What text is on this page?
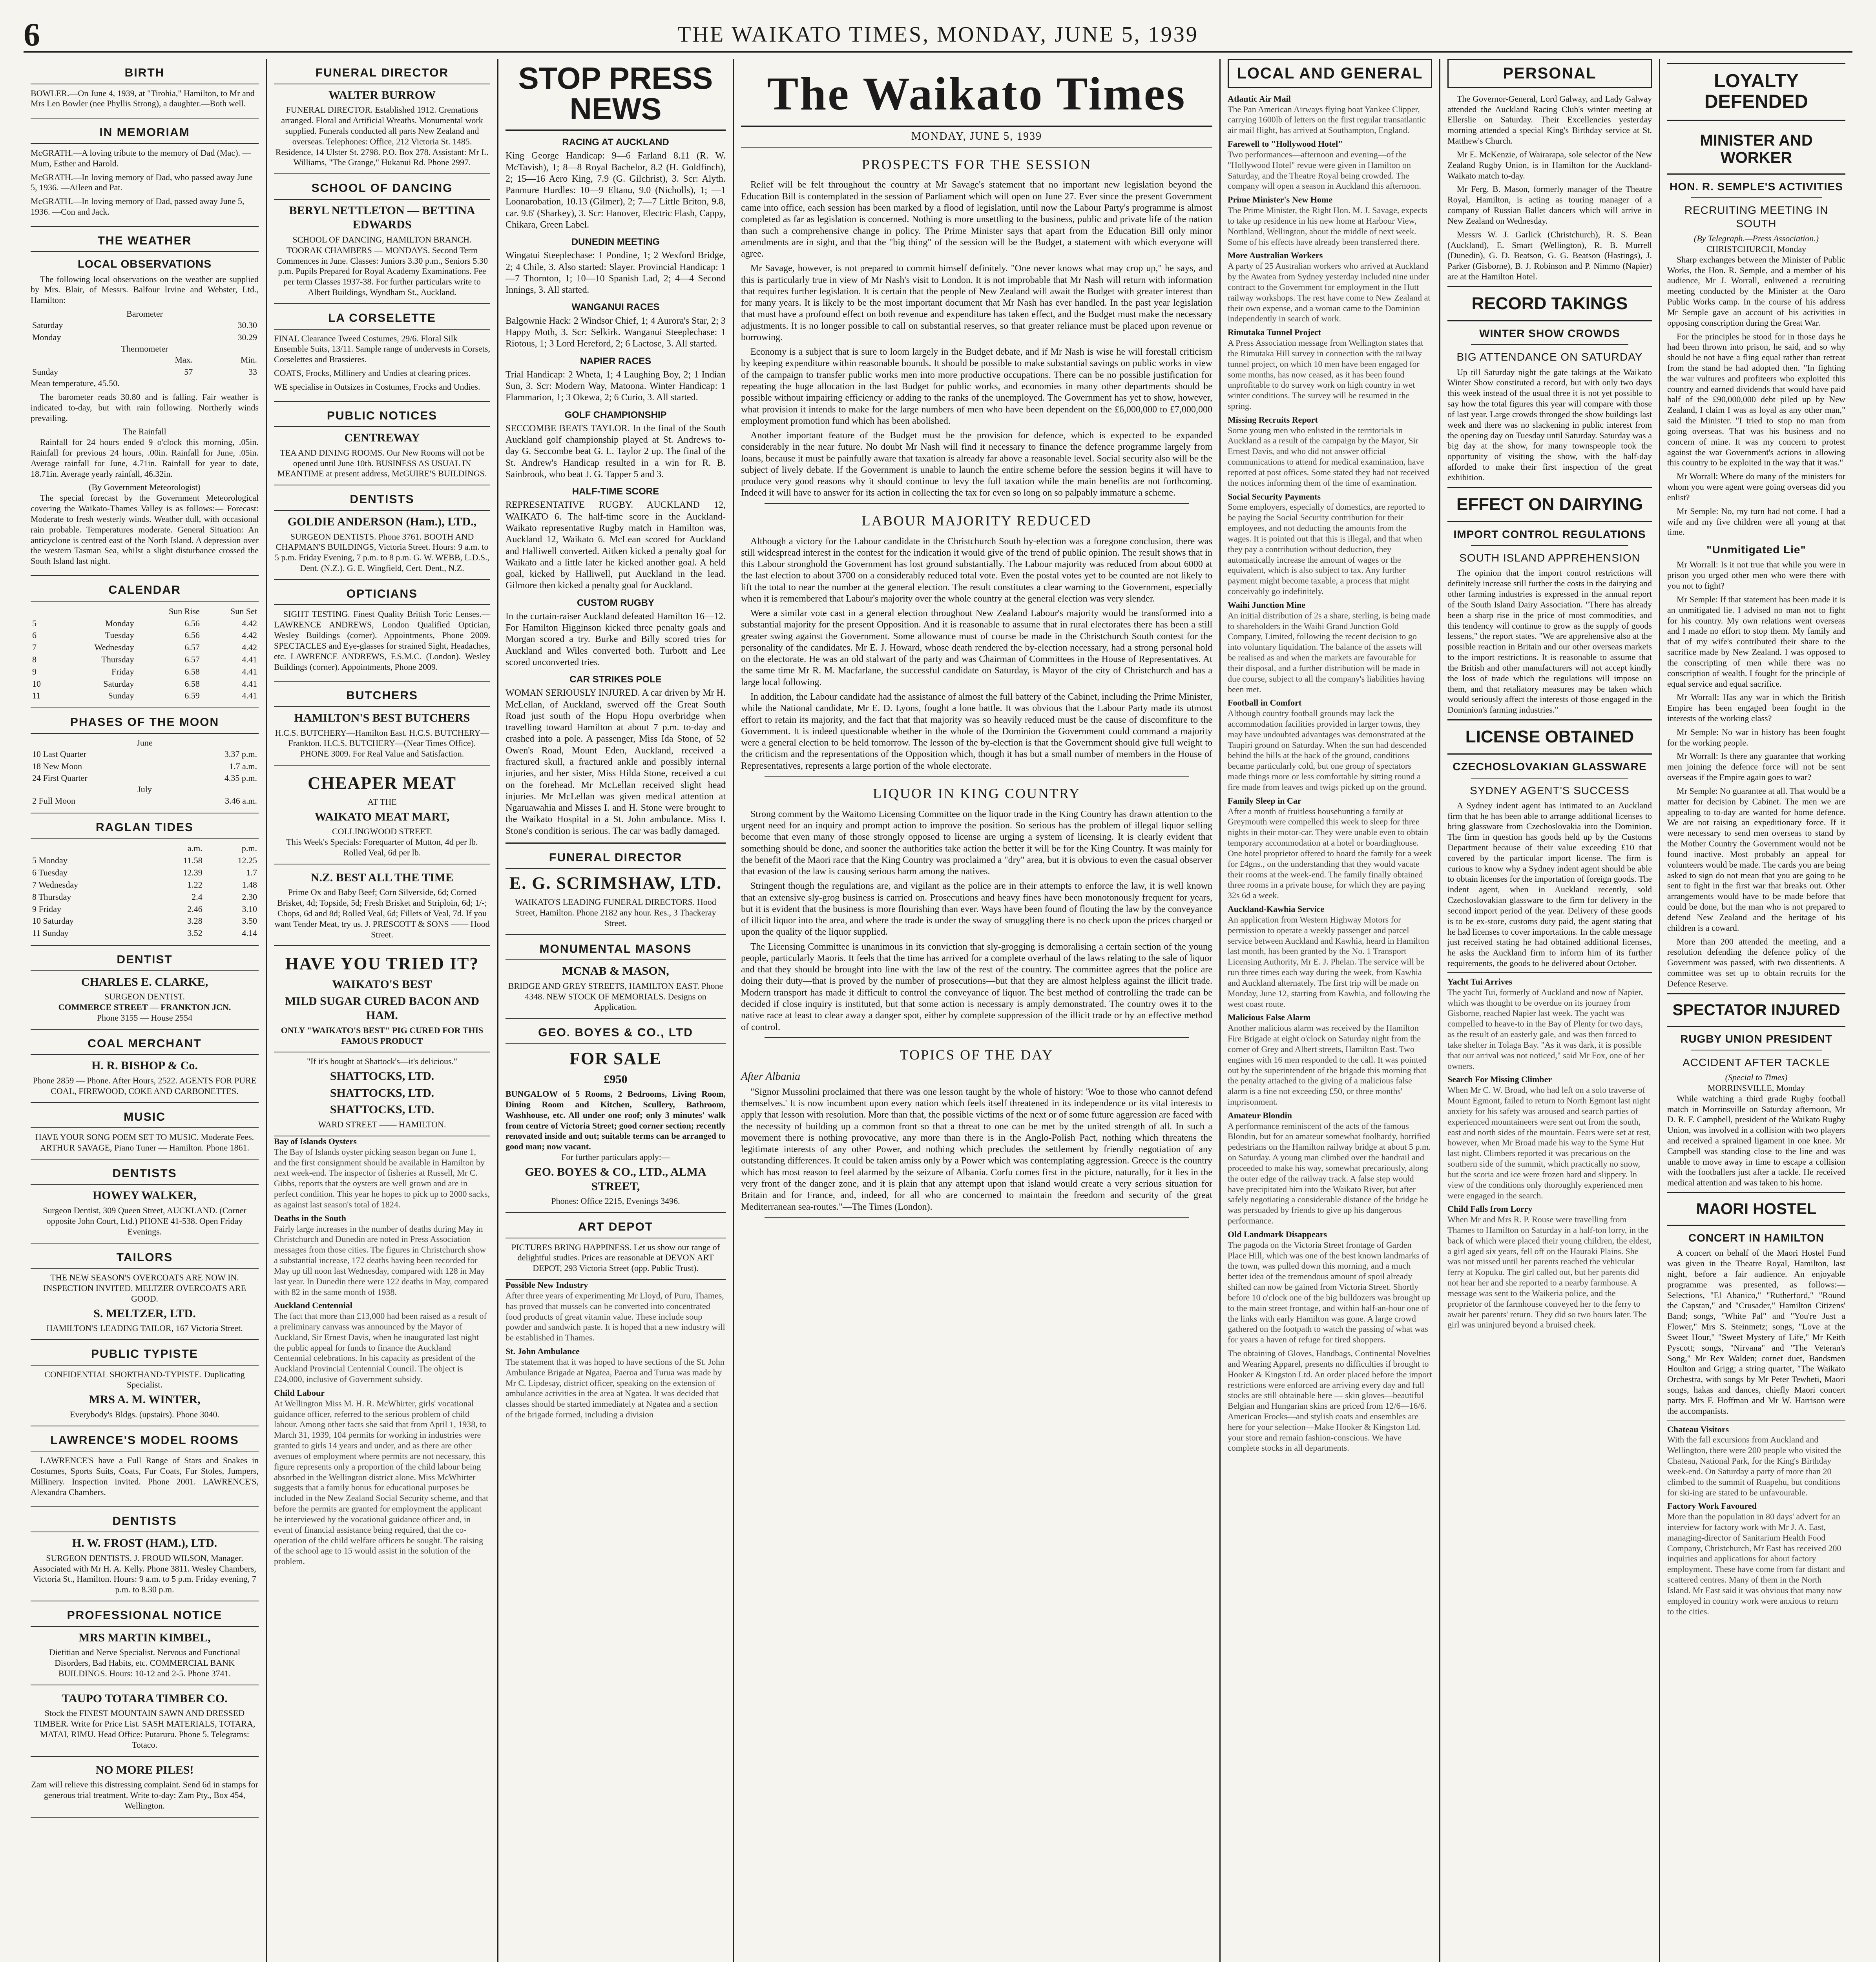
6	THE WAIKATO TIMES, MONDAY, JUNE 5, 1939
BIRTH
BOWLER.—On June 4, 1939, at "Tirohia," Hamilton, to Mr and Mrs Len Bowler (nee Phyllis Strong), a daughter.—Both well.
IN MEMORIAM
McGRATH.—A loving tribute to the memory of Dad (Mac). —Mum, Esther and Harold.
McGRATH.—In loving memory of Dad, who passed away June 5, 1936. —Aileen and Pat.
McGRATH.—In loving memory of Dad, passed away June 5, 1936. —Con and Jack.
THE WEATHER
LOCAL OBSERVATIONS
The following local observations on the weather are supplied by Mrs. Blair, of Messrs. Balfour Irvine and Webster, Ltd., Hamilton:
Barometer
Saturday	30.30
Monday	30.29
Thermometer
	Max.	Min.
Sunday	57	33
Mean temperature, 45.50.
The barometer reads 30.80 and is falling. Fair weather is indicated to-day, but with rain following. Northerly winds prevailing.
The Rainfall
Rainfall for 24 hours ended 9 o'clock this morning, .05in. Rainfall for previous 24 hours, .00in. Rainfall for June, .05in. Average rainfall for June, 4.71in. Rainfall for year to date, 18.71in. Average yearly rainfall, 46.32in.
(By Government Meteorologist)
The special forecast by the Government Meteorological covering the Waikato-Thames Valley is as follows:— Forecast: Moderate to fresh westerly winds. Weather dull, with occasional rain probable. Temperatures moderate. General Situation: An anticyclone is centred east of the North Island. A depression over the western Tasman Sea, whilst a slight disturbance crossed the South Island last night.
CALENDAR
		Sun Rise	Sun Set
5	Monday	6.56	4.42
6	Tuesday	6.56	4.42
7	Wednesday	6.57	4.42
8	Thursday	6.57	4.41
9	Friday	6.58	4.41
10	Saturday	6.58	4.41
11	Sunday	6.59	4.41
PHASES OF THE MOON
June
10 Last Quarter	3.37 p.m.
18 New Moon	1.7 a.m.
24 First Quarter	4.35 p.m.
July
2 Full Moon	3.46 a.m.
RAGLAN TIDES
	a.m.	p.m.
5 Monday	11.58	12.25
6 Tuesday	12.39	1.7
7 Wednesday	1.22	1.48
8 Thursday	2.4	2.30
9 Friday	2.46	3.10
10 Saturday	3.28	3.50
11 Sunday	3.52	4.14
DENTIST
CHARLES E. CLARKE,
SURGEON DENTIST.
COMMERCE STREET — FRANKTON JCN.
Phone 3155 — House 2554
COAL MERCHANT
H. R. BISHOP & Co.
Phone 2859 — Phone. After Hours, 2522. AGENTS FOR PURE COAL, FIREWOOD, COKE AND CARBONETTES.
MUSIC
HAVE YOUR SONG POEM SET TO MUSIC. Moderate Fees. ARTHUR SAVAGE, Piano Tuner — Hamilton. Phone 1861.
DENTISTS
HOWEY WALKER,
Surgeon Dentist, 309 Queen Street, AUCKLAND. (Corner opposite John Court, Ltd.) PHONE 41-538. Open Friday Evenings.
TAILORS
THE NEW SEASON'S OVERCOATS ARE NOW IN. INSPECTION INVITED. MELTZER OVERCOATS ARE GOOD.
S. MELTZER, LTD.
HAMILTON'S LEADING TAILOR, 167 Victoria Street.
PUBLIC TYPISTE
CONFIDENTIAL SHORTHAND-TYPISTE. Duplicating Specialist.
MRS A. M. WINTER,
Everybody's Bldgs. (upstairs). Phone 3040.
LAWRENCE'S MODEL ROOMS
LAWRENCE'S have a Full Range of Stars and Snakes in Costumes, Sports Suits, Coats, Fur Coats, Fur Stoles, Jumpers, Millinery. Inspection invited. Phone 2001. LAWRENCE'S, Alexandra Chambers.
DENTISTS
H. W. FROST (HAM.), LTD.
SURGEON DENTISTS. J. FROUD WILSON, Manager. Associated with Mr H. A. Kelly. Phone 3811. Wesley Chambers, Victoria St., Hamilton. Hours: 9 a.m. to 5 p.m. Friday evening, 7 p.m. to 8.30 p.m.
PROFESSIONAL NOTICE
MRS MARTIN KIMBEL,
Dietitian and Nerve Specialist. Nervous and Functional Disorders, Bad Habits, etc. COMMERCIAL BANK BUILDINGS. Hours: 10-12 and 2-5. Phone 3741.
TAUPO TOTARA TIMBER CO.
Stock the FINEST MOUNTAIN SAWN AND DRESSED TIMBER. Write for Price List. SASH MATERIALS, TOTARA, MATAI, RIMU. Head Office: Putaruru. Phone 5. Telegrams: Totaco.
NO MORE PILES!
Zam will relieve this distressing complaint. Send 6d in stamps for generous trial treatment. Write to-day: Zam Pty., Box 454, Wellington.
FUNERAL DIRECTOR
WALTER BURROW
FUNERAL DIRECTOR. Established 1912. Cremations arranged. Floral and Artificial Wreaths. Monumental work supplied. Funerals conducted all parts New Zealand and overseas. Telephones: Office, 212 Victoria St. 1485. Residence, 14 Ulster St. 2798. P.O. Box 278. Assistant: Mr L. Williams, "The Grange," Hukanui Rd. Phone 2997.
SCHOOL OF DANCING
BERYL NETTLETON — BETTINA EDWARDS
SCHOOL OF DANCING, HAMILTON BRANCH. TOORAK CHAMBERS — MONDAYS. Second Term Commences in June. Classes: Juniors 3.30 p.m., Seniors 5.30 p.m. Pupils Prepared for Royal Academy Examinations. Fee per term Classes 1937-38. For further particulars write to Albert Buildings, Wyndham St., Auckland.
LA CORSELETTE
FINAL Clearance Tweed Costumes, 29/6. Floral Silk Ensemble Suits, 13/11. Sample range of undervests in Corsets, Corselettes and Brassieres.
COATS, Frocks, Millinery and Undies at clearing prices.
WE specialise in Outsizes in Costumes, Frocks and Undies.
PUBLIC NOTICES
CENTREWAY
TEA AND DINING ROOMS. Our New Rooms will not be opened until June 10th. BUSINESS AS USUAL IN MEANTIME at present address, McGUIRE'S BUILDINGS.
DENTISTS
GOLDIE ANDERSON (Ham.), LTD.,
SURGEON DENTISTS. Phone 3761. BOOTH AND CHAPMAN'S BUILDINGS, Victoria Street. Hours: 9 a.m. to 5 p.m. Friday Evening, 7 p.m. to 8 p.m. G. W. WEBB, L.D.S., Dent. (N.Z.). G. E. Wingfield, Cert. Dent., N.Z.
OPTICIANS
SIGHT TESTING. Finest Quality British Toric Lenses.—LAWRENCE ANDREWS, London Qualified Optician, Wesley Buildings (corner). Appointments, Phone 2009. SPECTACLES and Eye-glasses for strained Sight, Headaches, etc. LAWRENCE ANDREWS, F.S.M.C. (London). Wesley Buildings (corner). Appointments, Phone 2009.
BUTCHERS
HAMILTON'S BEST BUTCHERS
H.C.S. BUTCHERY—Hamilton East. H.C.S. BUTCHERY—Frankton. H.C.S. BUTCHERY—(Near Times Office). PHONE 3009. For Real Value and Satisfaction.
CHEAPER MEAT
AT THE
WAIKATO MEAT MART,
COLLINGWOOD STREET.
This Week's Specials: Forequarter of Mutton, 4d per lb. Rolled Veal, 6d per lb.
N.Z. BEST ALL THE TIME
Prime Ox and Baby Beef; Corn Silverside, 6d; Corned Brisket, 4d; Topside, 5d; Fresh Brisket and Striploin, 6d; 1/-; Chops, 6d and 8d; Rolled Veal, 6d; Fillets of Veal, 7d. If you want Tender Meat, try us. J. PRESCOTT & SONS —— Hood Street.
HAVE YOU TRIED IT?
WAIKATO'S BEST
MILD SUGAR CURED BACON AND HAM.
ONLY "WAIKATO'S BEST" PIG CURED FOR THIS FAMOUS PRODUCT
"If it's bought at Shattock's—it's delicious."
SHATTOCKS, LTD.
SHATTOCKS, LTD.
SHATTOCKS, LTD.
WARD STREET —— HAMILTON.
Bay of Islands Oysters
The Bay of Islands oyster picking season began on June 1, and the first consignment should be available in Hamilton by next week-end. The inspector of fisheries at Russell, Mr C. Gibbs, reports that the oysters are well grown and are in perfect condition. This year he hopes to pick up to 2000 sacks, as against last season's total of 1824.
Deaths in the South
Fairly large increases in the number of deaths during May in Christchurch and Dunedin are noted in Press Association messages from those cities. The figures in Christchurch show a substantial increase, 172 deaths having been recorded for May up till noon last Wednesday, compared with 128 in May last year. In Dunedin there were 122 deaths in May, compared with 82 in the same month of 1938.
Auckland Centennial
The fact that more than £13,000 had been raised as a result of a preliminary canvass was announced by the Mayor of Auckland, Sir Ernest Davis, when he inaugurated last night the public appeal for funds to finance the Auckland Centennial celebrations. In his capacity as president of the Auckland Provincial Centennial Council. The object is £24,000, inclusive of Government subsidy.
Child Labour
At Wellington Miss M. H. R. McWhirter, girls' vocational guidance officer, referred to the serious problem of child labour. Among other facts she said that from April 1, 1938, to March 31, 1939, 104 permits for working in industries were granted to girls 14 years and under, and as there are other avenues of employment where permits are not necessary, this figure represents only a proportion of the child labour being absorbed in the Wellington district alone. Miss McWhirter suggests that a family bonus for educational purposes be included in the New Zealand Social Security scheme, and that before the permits are granted for employment the applicant be interviewed by the vocational guidance officer and, in event of financial assistance being required, that the co-operation of the child welfare officers be sought. The raising of the school age to 15 would assist in the solution of the problem.
STOP PRESS NEWS
RACING AT AUCKLAND
King George Handicap: 9—6 Farland 8.11 (R. W. McTavish), 1; 8—8 Royal Bachelor, 8.2 (H. Goldfinch), 2; 15—16 Aero King, 7.9 (G. Gilchrist), 3. Scr: Alyth. Panmure Hurdles: 10—9 Eltanu, 9.0 (Nicholls), 1; —1 Loonarobation, 10.13 (Gilmer), 2; 7—7 Little Briton, 9.8, car. 9.6' (Sharkey), 3. Scr: Hanover, Electric Flash, Cappy, Chikara, Green Label.
DUNEDIN MEETING
Wingatui Steeplechase: 1 Pondine, 1; 2 Wexford Bridge, 2; 4 Chile, 3. Also started: Slayer. Provincial Handicap: 1—7 Thornton, 1; 10—10 Spanish Lad, 2; 4—4 Second Innings, 3. All started.
WANGANUI RACES
Balgownie Hack: 2 Windsor Chief, 1; 4 Aurora's Star, 2; 3 Happy Moth, 3. Scr: Selkirk. Wanganui Steeplechase: 1 Riotous, 1; 3 Lord Hereford, 2; 6 Lactose, 3. All started.
NAPIER RACES
Trial Handicap: 2 Wheta, 1; 4 Laughing Boy, 2; 1 Indian Sun, 3. Scr: Modern Way, Matoona. Winter Handicap: 1 Flammarion, 1; 3 Okewa, 2; 6 Curio, 3. All started.
GOLF CHAMPIONSHIP
SECCOMBE BEATS TAYLOR. In the final of the South Auckland golf championship played at St. Andrews to-day G. Seccombe beat G. L. Taylor 2 up. The final of the St. Andrew's Handicap resulted in a win for R. B. Sainbrook, who beat J. G. Tapper 5 and 3.
HALF-TIME SCORE
REPRESENTATIVE RUGBY. AUCKLAND 12, WAIKATO 6. The half-time score in the Auckland-Waikato representative Rugby match in Hamilton was, Auckland 12, Waikato 6. McLean scored for Auckland and Halliwell converted. Aitken kicked a penalty goal for Waikato and a little later he kicked another goal. A held goal, kicked by Halliwell, put Auckland in the lead. Gilmore then kicked a penalty goal for Auckland.
CUSTOM RUGBY
In the curtain-raiser Auckland defeated Hamilton 16—12. For Hamilton Higginson kicked three penalty goals and Morgan scored a try. Burke and Billy scored tries for Auckland and Wiles converted both. Turbott and Lee scored unconverted tries.
CAR STRIKES POLE
WOMAN SERIOUSLY INJURED. A car driven by Mr H. McLellan, of Auckland, swerved off the Great South Road just south of the Hopu Hopu overbridge when travelling toward Hamilton at about 7 p.m. to-day and crashed into a pole. A passenger, Miss Ida Stone, of 52 Owen's Road, Mount Eden, Auckland, received a fractured skull, a fractured ankle and possibly internal injuries, and her sister, Miss Hilda Stone, received a cut on the forehead. Mr McLellan received slight head injuries. Mr McLellan was given medical attention at Ngaruawahia and Misses I. and H. Stone were brought to the Waikato Hospital in a St. John ambulance. Miss I. Stone's condition is serious. The car was badly damaged.
FUNERAL DIRECTOR
E. G. SCRIMSHAW, LTD.
WAIKATO'S LEADING FUNERAL DIRECTORS. Hood Street, Hamilton. Phone 2182 any hour. Res., 3 Thackeray Street.
MONUMENTAL MASONS
MCNAB & MASON,
BRIDGE AND GREY STREETS, HAMILTON EAST. Phone 4348. NEW STOCK OF MEMORIALS. Designs on Application.
GEO. BOYES & CO., LTD
FOR SALE
£950
BUNGALOW of 5 Rooms, 2 Bedrooms, Living Room, Dining Room and Kitchen, Scullery, Bathroom, Washhouse, etc. All under one roof; only 3 minutes' walk from centre of Victoria Street; good corner section; recently renovated inside and out; suitable terms can be arranged to good man; now vacant.
For further particulars apply:—
GEO. BOYES & CO., LTD., ALMA STREET,
Phones: Office 2215, Evenings 3496.
ART DEPOT
PICTURES BRING HAPPINESS. Let us show our range of delightful studies. Prices are reasonable at DEVON ART DEPOT, 293 Victoria Street (opp. Public Trust).
Possible New Industry
After three years of experimenting Mr Lloyd, of Puru, Thames, has proved that mussels can be converted into concentrated food products of great vitamin value. These include soup powder and sandwich paste. It is hoped that a new industry will be established in Thames.
St. John Ambulance
The statement that it was hoped to have sections of the St. John Ambulance Brigade at Ngatea, Paeroa and Turua was made by Mr C. Lipdesay, district officer, speaking on the extension of ambulance activities in the area at Ngatea. It was decided that classes should be started immediately at Ngatea and a section of the brigade formed, including a division
The Waikato Times
MONDAY, JUNE 5, 1939
PROSPECTS FOR THE SESSION
Relief will be felt throughout the country at Mr Savage's statement that no important new legislation beyond the Education Bill is contemplated in the session of Parliament which will open on June 27. Ever since the present Government came into office, each session has been marked by a flood of legislation, until now the Labour Party's programme is almost completed as far as legislation is concerned. Nothing is more unsettling to the business, public and private life of the nation than such a comprehensive change in policy. The Prime Minister says that apart from the Education Bill only minor amendments are in sight, and that the "big thing" of the session will be the Budget, a statement with which everyone will agree.
Mr Savage, however, is not prepared to commit himself definitely. "One never knows what may crop up," he says, and this is particularly true in view of Mr Nash's visit to London. It is not improbable that Mr Nash will return with information that requires further legislation. It is certain that the people of New Zealand will await the Budget with greater interest than for many years. It is likely to be the most important document that Mr Nash has ever handled. In the past year legislation that must have a profound effect on both revenue and expenditure has taken effect, and the Budget must make the necessary adjustments. It is no longer possible to call on substantial reserves, so that greater reliance must be placed upon revenue or borrowing.
Economy is a subject that is sure to loom largely in the Budget debate, and if Mr Nash is wise he will forestall criticism by keeping expenditure within reasonable bounds. It should be possible to make substantial savings on public works in view of the campaign to transfer public works men into more productive occupations. There can be no possible justification for repeating the huge allocation in the last Budget for public works, and economies in many other departments should be possible without impairing efficiency or adding to the ranks of the unemployed. The Government has yet to show, however, what provision it intends to make for the large numbers of men who have been dependent on the £6,000,000 to £7,000,000 employment promotion fund which has been abolished.
Another important feature of the Budget must be the provision for defence, which is expected to be expanded considerably in the near future. No doubt Mr Nash will find it necessary to finance the defence programme largely from loans, because it must be painfully aware that taxation is already far above a reasonable level. Social security also will be the subject of lively debate. If the Government is unable to launch the entire scheme before the session begins it will have to produce very good reasons why it should continue to levy the full taxation while the main benefits are not forthcoming. Indeed it will have to answer for its action in collecting the tax for even so long on so palpably immature a scheme.
LABOUR MAJORITY REDUCED
Although a victory for the Labour candidate in the Christchurch South by-election was a foregone conclusion, there was still widespread interest in the contest for the indication it would give of the trend of public opinion. The result shows that in this Labour stronghold the Government has lost ground substantially. The Labour majority was reduced from about 6000 at the last election to about 3700 on a considerably reduced total vote. Even the postal votes yet to be counted are not likely to lift the total to near the number at the general election. The result constitutes a clear warning to the Government, especially when it is remembered that Labour's majority over the whole country at the general election was very slender.
Were a similar vote cast in a general election throughout New Zealand Labour's majority would be transformed into a substantial majority for the present Opposition. And it is reasonable to assume that in rural electorates there has been a still greater swing against the Government. Some allowance must of course be made in the Christchurch South contest for the personality of the candidates. Mr E. J. Howard, whose death rendered the by-election necessary, had a strong personal hold on the electorate. He was an old stalwart of the party and was Chairman of Committees in the House of Representatives. At the same time Mr R. M. Macfarlane, the successful candidate on Saturday, is Mayor of the city of Christchurch and has a large local following.
In addition, the Labour candidate had the assistance of almost the full battery of the Cabinet, including the Prime Minister, while the National candidate, Mr E. D. Lyons, fought a lone battle. It was obvious that the Labour Party made its utmost effort to retain its majority, and the fact that that majority was so heavily reduced must be the cause of discomfiture to the Government. It is indeed questionable whether in the whole of the Dominion the Government could command a majority were a general election to be held tomorrow. The lesson of the by-election is that the Government should give full weight to the criticism and the representations of the Opposition which, though it has but a small number of members in the House of Representatives, represents a large portion of the whole electorate.
LIQUOR IN KING COUNTRY
Strong comment by the Waitomo Licensing Committee on the liquor trade in the King Country has drawn attention to the urgent need for an inquiry and prompt action to improve the position. So serious has the problem of illegal liquor selling become that even many of those strongly opposed to license are urging a system of licensing. It is clearly evident that something should be done, and sooner the authorities take action the better it will be for the King Country. It was mainly for the benefit of the Maori race that the King Country was proclaimed a "dry" area, but it is obvious to even the casual observer that evasion of the law is causing serious harm among the natives.
Stringent though the regulations are, and vigilant as the police are in their attempts to enforce the law, it is well known that an extensive sly-grog business is carried on. Prosecutions and heavy fines have been monotonously frequent for years, but it is evident that the business is more flourishing than ever. Ways have been found of flouting the law by the conveyance of illicit liquor into the area, and where the trade is under the sway of smuggling there is no check upon the prices charged or upon the quality of the liquor supplied.
The Licensing Committee is unanimous in its conviction that sly-grogging is demoralising a certain section of the young people, particularly Maoris. It feels that the time has arrived for a complete overhaul of the laws relating to the sale of liquor and that they should be brought into line with the law of the rest of the country. The committee agrees that the police are doing their duty—that is proved by the number of prosecutions—but that they are almost helpless against the illicit trade. Modern transport has made it difficult to control the conveyance of liquor. The best method of controlling the trade can be decided if close inquiry is instituted, but that some action is necessary is amply demonstrated. The country owes it to the native race at least to clear away a danger spot, either by complete suppression of the illicit trade or by an effective method of control.
TOPICS OF THE DAY
After Albania
"Signor Mussolini proclaimed that there was one lesson taught by the whole of history: 'Woe to those who cannot defend themselves.' It is now incumbent upon every nation which feels itself threatened in its independence or its vital interests to apply that lesson with resolution. More than that, the possible victims of the next or of some future aggression are faced with the necessity of building up a common front so that a threat to one can be met by the united strength of all. In such a movement there is nothing provocative, any more than there is in the Anglo-Polish Pact, nothing which threatens the legitimate interests of any other Power, and nothing which precludes the settlement by friendly negotiation of any outstanding differences. It could be taken amiss only by a Power which was contemplating aggression. Greece is the country which has most reason to feel alarmed by the seizure of Albania. Corfu comes first in the picture, naturally, for it lies in the very front of the danger zone, and it is plain that any attempt upon that island would create a very serious situation for Britain and for France, and, indeed, for all who are concerned to maintain the freedom and security of the great Mediterranean sea-routes."—The Times (London).
LOCAL AND GENERAL
Atlantic Air Mail
The Pan American Airways flying boat Yankee Clipper, carrying 1600lb of letters on the first regular transatlantic air mail flight, has arrived at Southampton, England.
Farewell to "Hollywood Hotel"
Two performances—afternoon and evening—of the "Hollywood Hotel" revue were given in Hamilton on Saturday, and the Theatre Royal being crowded. The company will open a season in Auckland this afternoon.
Prime Minister's New Home
The Prime Minister, the Right Hon. M. J. Savage, expects to take up residence in his new home at Harbour View, Northland, Wellington, about the middle of next week. Some of his effects have already been transferred there.
More Australian Workers
A party of 25 Australian workers who arrived at Auckland by the Awatea from Sydney yesterday included nine under contract to the Government for employment in the Hutt railway workshops. The rest have come to New Zealand at their own expense, and a woman came to the Dominion independently in search of work.
Rimutaka Tunnel Project
A Press Association message from Wellington states that the Rimutaka Hill survey in connection with the railway tunnel project, on which 10 men have been engaged for some months, has now ceased, as it has been found unprofitable to do survey work on high country in wet winter conditions. The survey will be resumed in the spring.
Missing Recruits Report
Some young men who enlisted in the territorials in Auckland as a result of the campaign by the Mayor, Sir Ernest Davis, and who did not answer official communications to attend for medical examination, have reported at post offices. Some stated they had not received the notices informing them of the time of examination.
Social Security Payments
Some employers, especially of domestics, are reported to be paying the Social Security contribution for their employees, and not deducting the amounts from the wages. It is pointed out that this is illegal, and that when they pay a contribution without deduction, they automatically increase the amount of wages or the equivalent, which is also subject to tax. Any further payment might become taxable, a process that might conceivably go indefinitely.
Waihi Junction Mine
An initial distribution of 2s a share, sterling, is being made to shareholders in the Waihi Grand Junction Gold Company, Limited, following the recent decision to go into voluntary liquidation. The balance of the assets will be realised as and when the markets are favourable for their disposal, and a further distribution will be made in due course, subject to all the company's liabilities having been met.
Football in Comfort
Although country football grounds may lack the accommodation facilities provided in larger towns, they may have undoubted advantages was demonstrated at the Taupiri ground on Saturday. When the sun had descended behind the hills at the back of the ground, conditions became particularly cold, but one group of spectators made things more or less comfortable by sitting round a fire made from leaves and twigs picked up on the ground.
Family Sleep in Car
After a month of fruitless househunting a family at Greymouth were compelled this week to sleep for three nights in their motor-car. They were unable even to obtain temporary accommodation at a hotel or boardinghouse. One hotel proprietor offered to board the family for a week for £4gns., on the understanding that they would vacate their rooms at the week-end. The family finally obtained three rooms in a private house, for which they are paying 32s 6d a week.
Auckland-Kawhia Service
An application from Western Highway Motors for permission to operate a weekly passenger and parcel service between Auckland and Kawhia, heard in Hamilton last month, has been granted by the No. 1 Transport Licensing Authority, Mr E. J. Phelan. The service will be run three times each way during the week, from Kawhia and Auckland alternately. The first trip will be made on Monday, June 12, starting from Kawhia, and following the west coast route.
Malicious False Alarm
Another malicious alarm was received by the Hamilton Fire Brigade at eight o'clock on Saturday night from the corner of Grey and Albert streets, Hamilton East. Two engines with 16 men responded to the call. It was pointed out by the superintendent of the brigade this morning that the penalty attached to the giving of a malicious false alarm is a fine not exceeding £50, or three months' imprisonment.
Amateur Blondin
A performance reminiscent of the acts of the famous Blondin, but for an amateur somewhat foolhardy, horrified pedestrians on the Hamilton railway bridge at about 5 p.m. on Saturday. A young man climbed over the handrail and proceeded to make his way, somewhat precariously, along the outer edge of the railway track. A false step would have precipitated him into the Waikato River, but after safely negotiating a considerable distance of the bridge he was persuaded by friends to give up his dangerous performance.
Old Landmark Disappears
The pagoda on the Victoria Street frontage of Garden Place Hill, which was one of the best known landmarks of the town, was pulled down this morning, and a much better idea of the tremendous amount of spoil already shifted can now be gained from Victoria Street. Shortly before 10 o'clock one of the big bulldozers was brought up to the main street frontage, and within half-an-hour one of the links with early Hamilton was gone. A large crowd gathered on the footpath to watch the passing of what was for years a haven of refuge for tired shoppers.
The obtaining of Gloves, Handbags, Continental Novelties and Wearing Apparel, presents no difficulties if brought to Hooker & Kingston Ltd. An order placed before the import restrictions were enforced are arriving every day and full stocks are still obtainable here — skin gloves—beautiful Belgian and Hungarian skins are priced from 12/6—16/6. American Frocks—and stylish coats and ensembles are here for your selection—Make Hooker & Kingston Ltd. your store and remain fashion-conscious. We have complete stocks in all departments.
PERSONAL
The Governor-General, Lord Galway, and Lady Galway attended the Auckland Racing Club's winter meeting at Ellerslie on Saturday. Their Excellencies yesterday morning attended a special King's Birthday service at St. Matthew's Church.
Mr E. McKenzie, of Wairarapa, sole selector of the New Zealand Rugby Union, is in Hamilton for the Auckland-Waikato match to-day.
Mr Ferg. B. Mason, formerly manager of the Theatre Royal, Hamilton, is acting as touring manager of a company of Russian Ballet dancers which will arrive in New Zealand on Wednesday.
Messrs W. J. Garlick (Christchurch), R. S. Bean (Auckland), E. Smart (Wellington), R. B. Murrell (Dunedin), G. D. Beatson, G. G. Beatson (Hastings), J. Parker (Gisborne), B. J. Robinson and P. Nimmo (Napier) are at the Hamilton Hotel.
RECORD TAKINGS
WINTER SHOW CROWDS
BIG ATTENDANCE ON SATURDAY
Up till Saturday night the gate takings at the Waikato Winter Show constituted a record, but with only two days this week instead of the usual three it is not yet possible to say how the total figures this year will compare with those of last year. Large crowds thronged the show buildings last week and there was no slackening in public interest from the opening day on Tuesday until Saturday. Saturday was a big day at the show, for many townspeople took the opportunity of visiting the show, with the half-day afforded to make their first inspection of the great exhibition.
EFFECT ON DAIRYING
IMPORT CONTROL REGULATIONS
SOUTH ISLAND APPREHENSION
The opinion that the import control restrictions will definitely increase still further the costs in the dairying and other farming industries is expressed in the annual report of the South Island Dairy Association. "There has already been a sharp rise in the price of most commodities, and this tendency will continue to grow as the supply of goods lessens," the report states. "We are apprehensive also at the possible reaction in Britain and our other overseas markets to the import restrictions. It is reasonable to assume that the British and other manufacturers will not accept kindly the loss of trade which the regulations will impose on them, and that retaliatory measures may be taken which would seriously affect the interests of those engaged in the Dominion's farming industries."
LICENSE OBTAINED
CZECHOSLOVAKIAN GLASSWARE
SYDNEY AGENT'S SUCCESS
A Sydney indent agent has intimated to an Auckland firm that he has been able to arrange additional licenses to bring glassware from Czechoslovakia into the Dominion. The firm in question has goods held up by the Customs Department because of their value exceeding £10 that covered by the particular import license. The firm is curious to know why a Sydney indent agent should be able to obtain licenses for the importation of foreign goods. The indent agent, when in Auckland recently, sold Czechoslovakian glassware to the firm for delivery in the second import period of the year. Delivery of these goods is to be ex-store, customs duty paid, the agent stating that he had licenses to cover importations. In the cable message just received stating he had obtained additional licenses, he asks the Auckland firm to inform him of its further requirements, the goods to be delivered about October.
Yacht Tui Arrives
The yacht Tui, formerly of Auckland and now of Napier, which was thought to be overdue on its journey from Gisborne, reached Napier last week. The yacht was compelled to heave-to in the Bay of Plenty for two days, as the result of an easterly gale, and was then forced to take shelter in Tolaga Bay. "As it was dark, it is possible that our arrival was not noticed," said Mr Fox, one of her owners.
Search For Missing Climber
When Mr C. W. Broad, who had left on a solo traverse of Mount Egmont, failed to return to North Egmont last night anxiety for his safety was aroused and search parties of experienced mountaineers were sent out from the south, east and north sides of the mountain. Fears were set at rest, however, when Mr Broad made his way to the Syme Hut last night. Climbers reported it was precarious on the southern side of the summit, which practically no snow, but the scoria and ice were frozen hard and slippery. In view of the conditions only thoroughly experienced men were engaged in the search.
Child Falls from Lorry
When Mr and Mrs R. P. Rouse were travelling from Thames to Hamilton on Saturday in a half-ton lorry, in the back of which were placed their young children, the eldest, a girl aged six years, fell off on the Hauraki Plains. She was not missed until her parents reached the vehicular ferry at Kopuku. The girl called out, but her parents did not hear her and she reported to a nearby farmhouse. A message was sent to the Waikeria police, and the proprietor of the farmhouse conveyed her to the ferry to await her parents' return. They did so two hours later. The girl was uninjured beyond a bruised cheek.
LOYALTY DEFENDED
MINISTER AND WORKER
HON. R. SEMPLE'S ACTIVITIES
RECRUITING MEETING IN SOUTH
(By Telegraph.—Press Association.)
CHRISTCHURCH, Monday
Sharp exchanges between the Minister of Public Works, the Hon. R. Semple, and a member of his audience, Mr J. Worrall, enlivened a recruiting meeting conducted by the Minister at the Oaro Public Works camp. In the course of his address Mr Semple gave an account of his activities in opposing conscription during the Great War.
For the principles he stood for in those days he had been thrown into prison, he said, and so why should he not have a fling equal rather than retreat from the stand he had adopted then. "In fighting the war vultures and profiteers who exploited this country and earned dividends that would have paid half of the £90,000,000 debt piled up by New Zealand, I claim I was as loyal as any other man," said the Minister. "I tried to stop no man from going overseas. That was his business and no concern of mine. It was my concern to protest against the war Government's actions in allowing this country to be exploited in the way that it was."
Mr Worrall: Where do many of the ministers for whom you were agent were going overseas did you enlist?
Mr Semple: No, my turn had not come. I had a wife and my five children were all young at that time.
"Unmitigated Lie"
Mr Worrall: Is it not true that while you were in prison you urged other men who were there with you not to fight?
Mr Semple: If that statement has been made it is an unmitigated lie. I advised no man not to fight for his country. My own relations went overseas and I made no effort to stop them. My family and that of my wife's contributed their share to the sacrifice made by New Zealand. I was opposed to the conscripting of men while there was no conscription of wealth. I fought for the principle of equal service and equal sacrifice.
Mr Worrall: Has any war in which the British Empire has been engaged been fought in the interests of the working class?
Mr Semple: No war in history has been fought for the working people.
Mr Worrall: Is there any guarantee that working men joining the defence force will not be sent overseas if the Empire again goes to war?
Mr Semple: No guarantee at all. That would be a matter for decision by Cabinet. The men we are appealing to to-day are wanted for home defence. We are not raising an expeditionary force. If it were necessary to send men overseas to stand by the Mother Country the Government would not be found inactive. Most probably an appeal for volunteers would be made. The cards you are being asked to sign do not mean that you are going to be sent to fight in the first war that breaks out. Other arrangements would have to be made before that could be done, but the man who is not prepared to defend New Zealand and the heritage of his children is a coward.
More than 200 attended the meeting, and a resolution defending the defence policy of the Government was passed, with two dissentients. A committee was set up to obtain recruits for the Defence Reserve.
SPECTATOR INJURED
RUGBY UNION PRESIDENT
ACCIDENT AFTER TACKLE
(Special to Times)
MORRINSVILLE, Monday
While watching a third grade Rugby football match in Morrinsville on Saturday afternoon, Mr D. R. F. Campbell, president of the Waikato Rugby Union, was involved in a collision with two players and received a sprained ligament in one knee. Mr Campbell was standing close to the line and was unable to move away in time to escape a collision with the footballers just after a tackle. He received medical attention and was taken to his home.
MAORI HOSTEL
CONCERT IN HAMILTON
A concert on behalf of the Maori Hostel Fund was given in the Theatre Royal, Hamilton, last night, before a fair audience. An enjoyable programme was presented, as follows:—Selections, "El Abanico," "Rutherford," "Round the Capstan," and "Crusader," Hamilton Citizens' Band; songs, "White Pal" and "You're Just a Flower," Mrs S. Steinmetz; songs, "Love at the Sweet Hour," "Sweet Mystery of Life," Mr Keith Pyscott; songs, "Nirvana" and "The Veteran's Song," Mr Rex Walden; cornet duet, Bandsmen Houlton and Grigg; a string quartet, "The Waikato Orchestra, with songs by Mr Peter Tewheti, Maori songs, hakas and dances, chiefly Maori concert party. Mrs F. Hoffman and Mr W. Harrison were the accompanists.
Chateau Visitors
With the fall excursions from Auckland and Wellington, there were 200 people who visited the Chateau, National Park, for the King's Birthday week-end. On Saturday a party of more than 20 climbed to the summit of Ruapehu, but conditions for ski-ing are stated to be unfavourable.
Factory Work Favoured
More than the population in 80 days' advert for an interview for factory work with Mr J. A. East, managing-director of Sanitarium Health Food Company, Christchurch, Mr East has received 200 inquiries and applications for about factory employment. These have come from far distant and scattered centres. Many of them in the North Island. Mr East said it was obvious that many now employed in country work were anxious to return to the cities.
